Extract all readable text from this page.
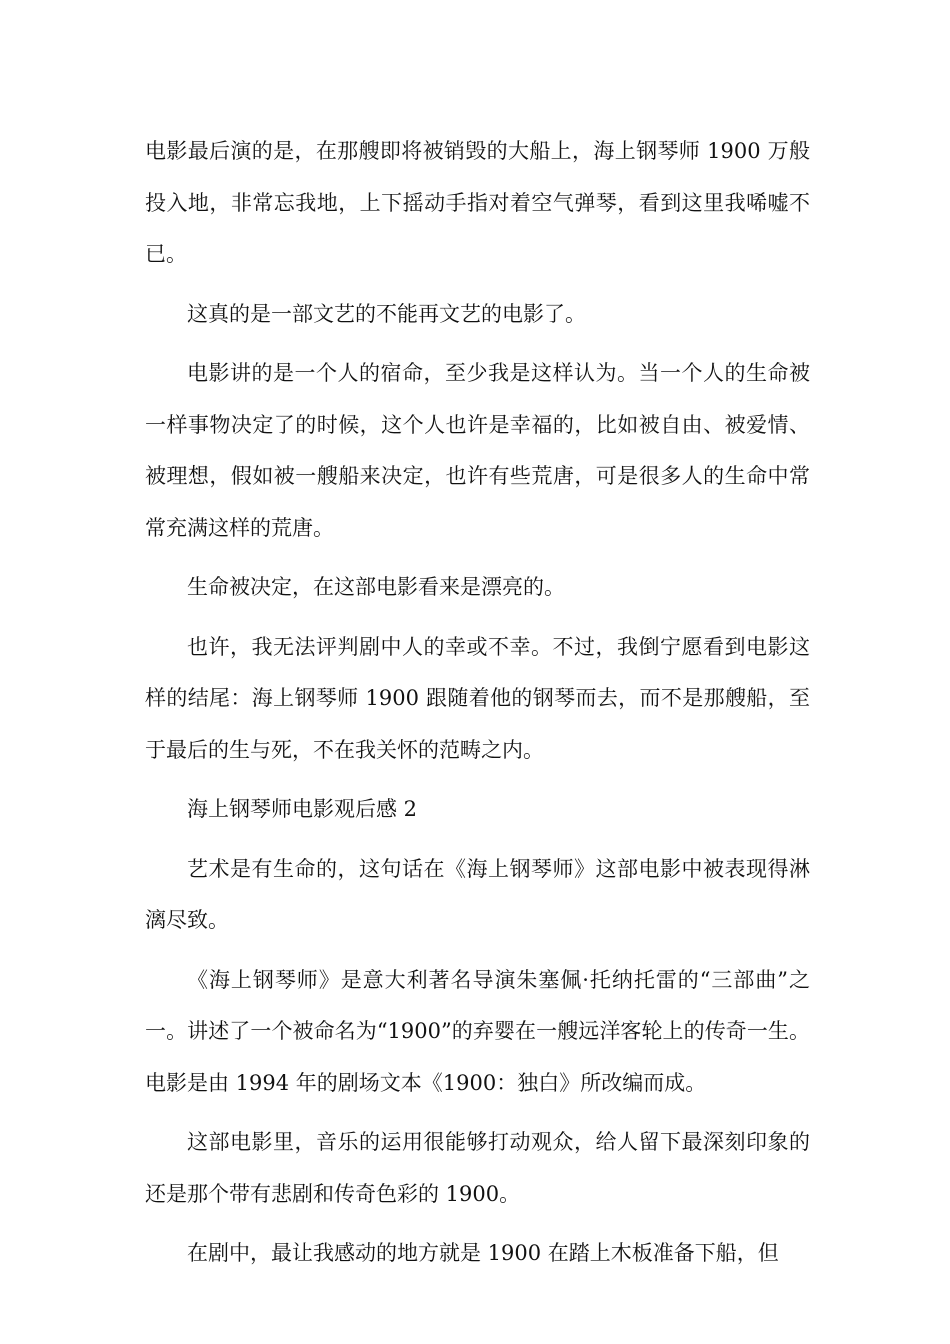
电影最后演的是，在那艘即将被销毁的大船上，海上钢琴师 1900 万般投入地，非常忘我地，上下摇动手指对着空气弹琴，看到这里我唏嘘不已。

这真的是一部文艺的不能再文艺的电影了。

电影讲的是一个人的宿命，至少我是这样认为。当一个人的生命被一样事物决定了的时候，这个人也许是幸福的，比如被自由、被爱情、被理想，假如被一艘船来决定，也许有些荒唐，可是很多人的生命中常常充满这样的荒唐。

生命被决定，在这部电影看来是漂亮的。

也许，我无法评判剧中人的幸或不幸。不过，我倒宁愿看到电影这样的结尾：海上钢琴师 1900 跟随着他的钢琴而去，而不是那艘船，至于最后的生与死，不在我关怀的范畴之内。

海上钢琴师电影观后感 2

艺术是有生命的，这句话在《海上钢琴师》这部电影中被表现得淋漓尽致。

《海上钢琴师》是意大利著名导演朱塞佩·托纳托雷的“三部曲”之一。讲述了一个被命名为“1900”的弃婴在一艘远洋客轮上的传奇一生。电影是由 1994 年的剧场文本《1900：独白》所改编而成。

这部电影里，音乐的运用很能够打动观众，给人留下最深刻印象的还是那个带有悲剧和传奇色彩的 1900。

在剧中，最让我感动的地方就是 1900 在踏上木板准备下船，但
